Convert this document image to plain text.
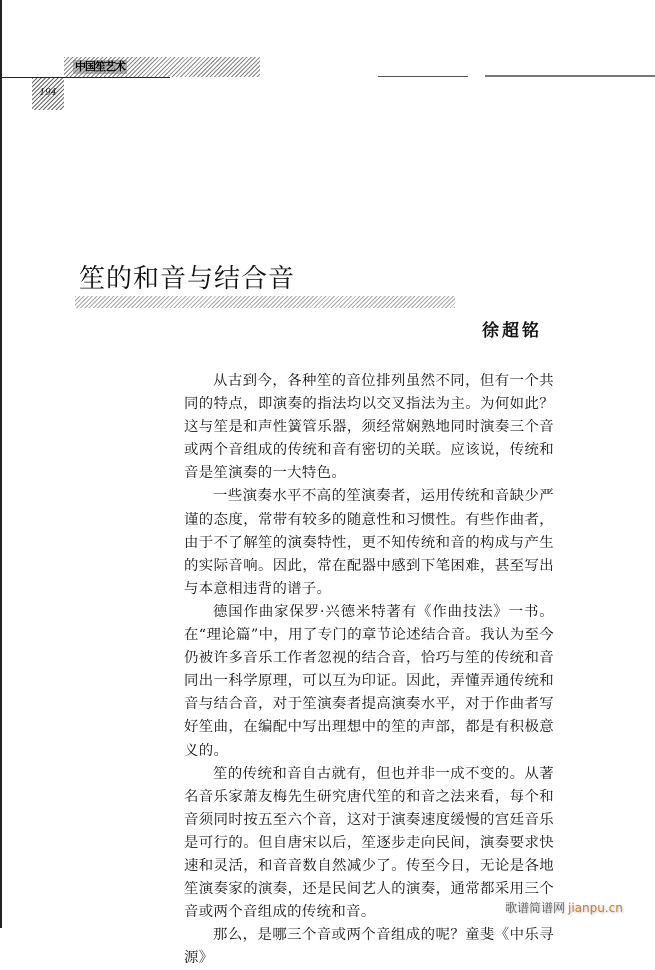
中国笙艺术
194
笙的和音与结合音
徐超铭

从古到今，各种笙的音位排列虽然不同，但有一个共同的特点，即演奏的指法均以交叉指法为主。为何如此？这与笙是和声性簧管乐器，须经常娴熟地同时演奏三个音或两个音组成的传统和音有密切的关联。应该说，传统和音是笙演奏的一大特色。

一些演奏水平不高的笙演奏者，运用传统和音缺少严谨的态度，常带有较多的随意性和习惯性。有些作曲者，由于不了解笙的演奏特性，更不知传统和音的构成与产生的实际音响。因此，常在配器中感到下笔困难，甚至写出与本意相违背的谱子。

德国作曲家保罗·兴德米特著有《作曲技法》一书。在“理论篇”中，用了专门的章节论述结合音。我认为至今仍被许多音乐工作者忽视的结合音，恰巧与笙的传统和音同出一科学原理，可以互为印证。因此，弄懂弄通传统和音与结合音，对于笙演奏者提高演奏水平，对于作曲者写好笙曲，在编配中写出理想中的笙的声部，都是有积极意义的。

笙的传统和音自古就有，但也并非一成不变的。从著名音乐家萧友梅先生研究唐代笙的和音之法来看，每个和音须同时按五至六个音，这对于演奏速度缓慢的宫廷音乐是可行的。但自唐宋以后，笙逐步走向民间，演奏要求快速和灵活，和音音数自然减少了。传至今日，无论是各地笙演奏家的演奏，还是民间艺人的演奏，通常都采用三个音或两个音组成的传统和音。

那么，是哪三个音或两个音组成的呢？童斐《中乐寻源》

歌谱简谱网 jianpu.cn
